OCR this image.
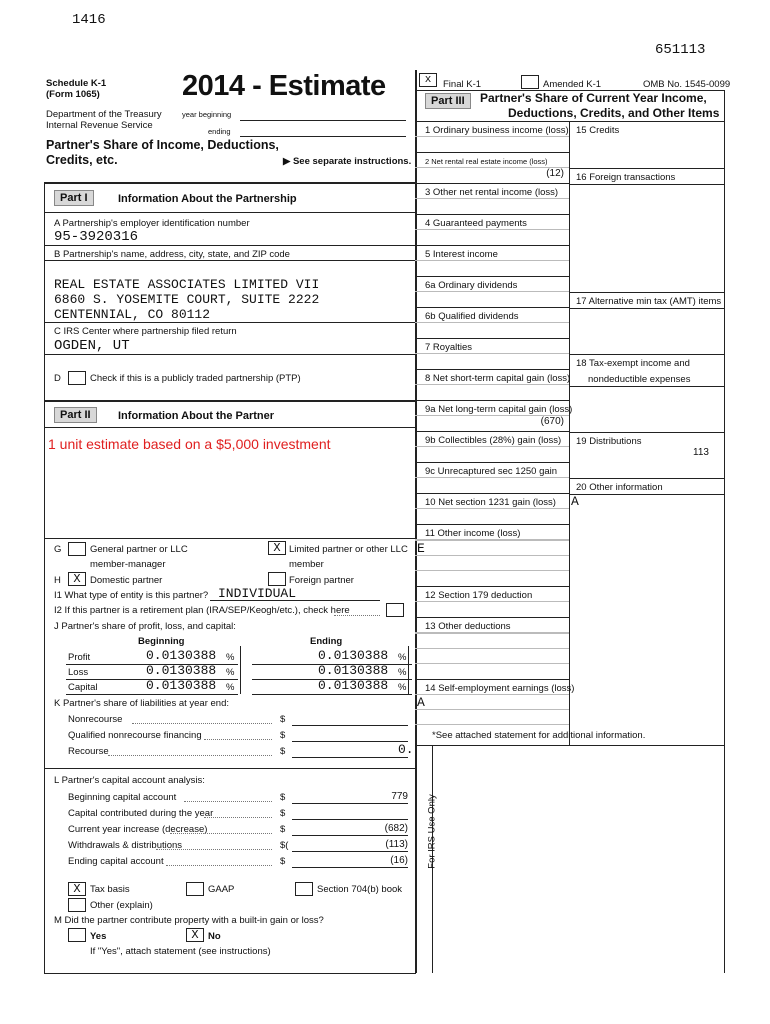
1416
651113
Schedule K-1
(Form 1065)
Department of the Treasury
Internal Revenue Service
2014 - Estimate
year beginning
ending
Partner's Share of Income, Deductions,
Credits, etc.	▶ See separate instructions.
x	Final K-1	Amended K-1	OMB No. 1545-0099
Part I	Information About the Partnership
A Partnership's employer identification number
95-3920316
B Partnership's name, address, city, state, and ZIP code
REAL ESTATE ASSOCIATES LIMITED VII
6860 S. YOSEMITE COURT, SUITE 2222
CENTENNIAL, CO 80112
C IRS Center where partnership filed return
OGDEN, UT
D	Check if this is a publicly traded partnership (PTP)
Part II	Information About the Partner
1 unit estimate based on a $5,000 investment
G	General partner or LLC
member-manager
X Limited partner or other LLC
member
H	X Domestic partner	Foreign partner
I1 What type of entity is this partner? INDIVIDUAL
I2 If this partner is a retirement plan (IRA/SEP/Keogh/etc.), check here
J Partner's share of profit, loss, and capital:
Beginning	Ending
Profit	0.0130388 %	0.0130388 %
Loss	0.0130388 %	0.0130388 %
Capital	0.0130388 %	0.0130388 %
K Partner's share of liabilities at year end:
Nonrecourse	$
Qualified nonrecourse financing	$
Recourse	$	0.
L Partner's capital account analysis:
Beginning capital account	$	779
Capital contributed during the year	$
Current year increase (decrease)	$	(682)
Withdrawals & distributions	$(	(113)
Ending capital account	$	(16)
X Tax basis	GAAP	Section 704(b) book
Other (explain)
M Did the partner contribute property with a built-in gain or loss?
Yes	X No
If "Yes", attach statement (see instructions)
For IRS Use Only
Part III	Partner's Share of Current Year Income,
Deductions, Credits, and Other Items
1 Ordinary business income (loss)
2 Net rental real estate income (loss)
(12)
3 Other net rental income (loss)
4 Guaranteed payments
5 Interest income
6a Ordinary dividends
6b Qualified dividends
7 Royalties
8 Net short-term capital gain (loss)
9a Net long-term capital gain (loss)
(670)
9b Collectibles (28%) gain (loss)
9c Unrecaptured sec 1250 gain
10 Net section 1231 gain (loss)
11 Other income (loss)
12 Section 179 deduction
13 Other deductions
14 Self-employment earnings (loss)
15 Credits
16 Foreign transactions
17 Alternative min tax (AMT) items
18 Tax-exempt income and
nondeductible expenses
19 Distributions
113
20 Other information
A
E
A
*See attached statement for additional information.
